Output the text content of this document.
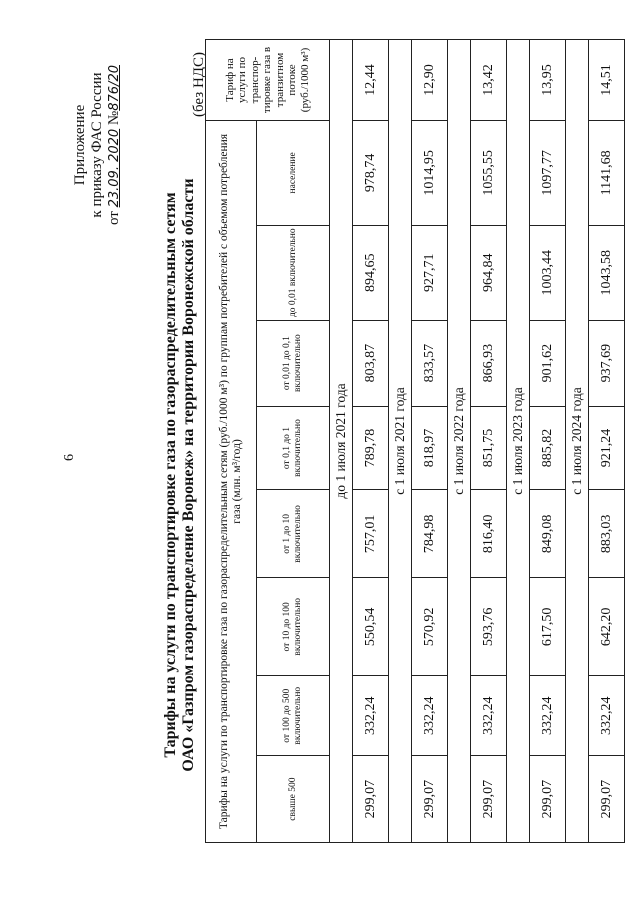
6
Приложение к приказу ФАС России
от 23.09. 2020 №876/20
Тарифы на услуги по транспортировке газа по газораспределительным сетям ОАО «Газпром газораспределение Воронеж» на территории Воронежской области
(без НДС)
Тарифы на услуги по транспортировке газа по газораспределительным сетям (руб./1000 м³) по группам потребителей с объемом потребления газа (млн. м³/год)								Тариф на услуги по транспор-тировке газа в транзитном потоке (руб./1000 м³)
свыше 500	от 100 до 500 включительно	от 10 до 100 включительно	от 1 до 10 включительно	от 0,1 до 1 включительно	от 0,01 до 0,1 включительно	до 0,01 включительно	население	
до 1 июля 2021 года								
299,07	332,24	550,54	757,01	789,78	803,87	894,65	978,74	12,44
с 1 июля 2021 года								
299,07	332,24	570,92	784,98	818,97	833,57	927,71	1014,95	12,90
с 1 июля 2022 года								
299,07	332,24	593,76	816,40	851,75	866,93	964,84	1055,55	13,42
с 1 июля 2023 года								
299,07	332,24	617,50	849,08	885,82	901,62	1003,44	1097,77	13,95
с 1 июля 2024 года								
299,07	332,24	642,20	883,03	921,24	937,69	1043,58	1141,68	14,51
